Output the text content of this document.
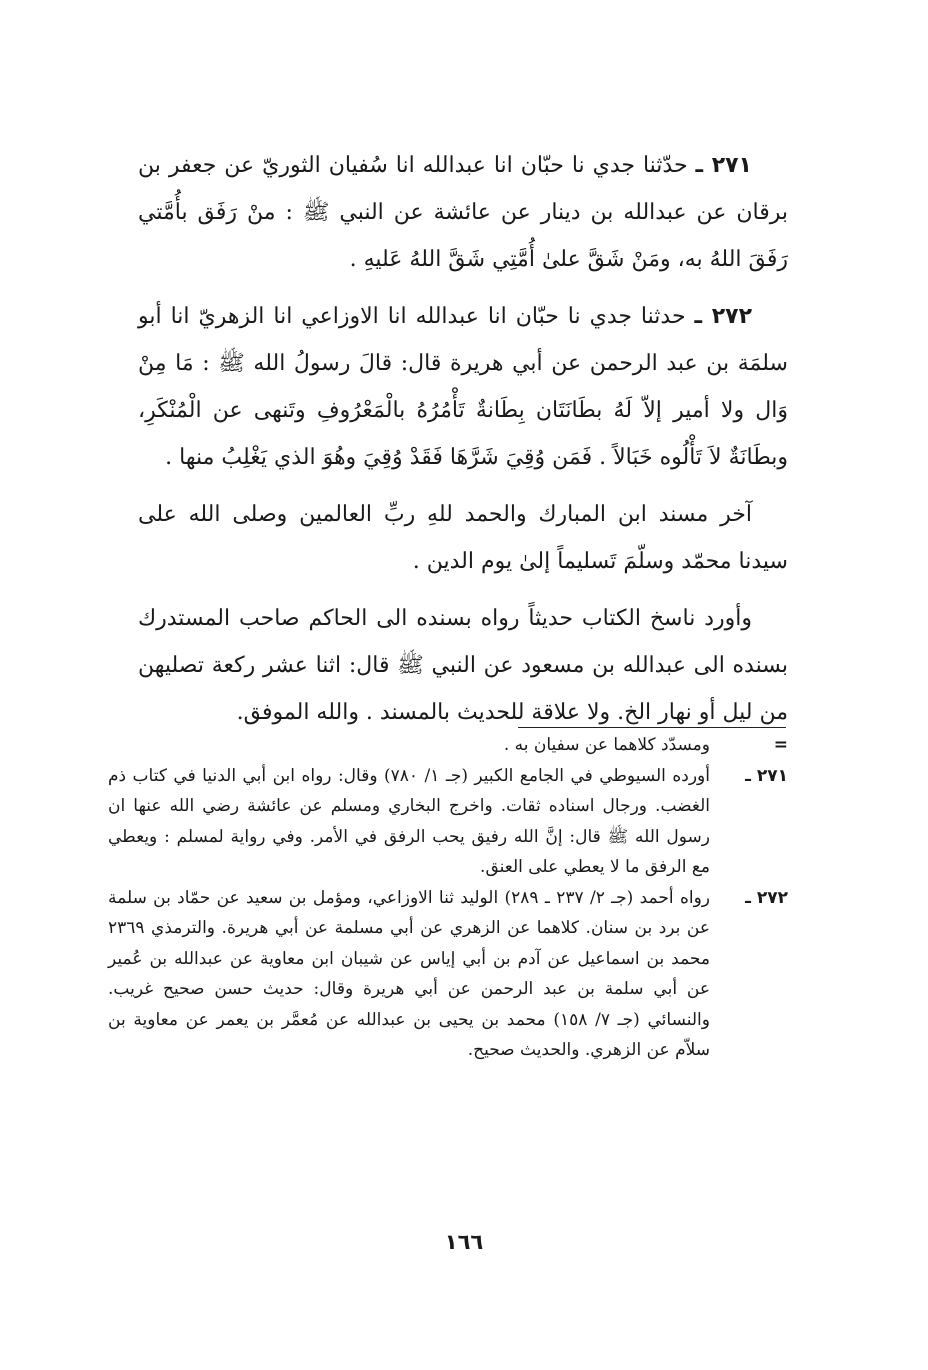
٢٧١ ـ حدّثنا جدي نا حبّان انا عبدالله انا سُفيان الثوريّ عن جعفر بن برقان عن عبدالله بن دينار عن عائشة عن النبي ﷺ : منْ رَفَق بأُمَّتي رَفَقَ اللهُ به، ومَنْ شَقَّ علىٰ أُمَّتِي شَقَّ اللهُ عَليهِ .

٢٧٢ ـ حدثنا جدي نا حبّان انا عبدالله انا الاوزاعي انا الزهريّ انا أبو سلمَة بن عبد الرحمن عن أبي هريرة قال: قالَ رسولُ الله ﷺ : مَا مِنْ وَال ولا أمير إلاّ لَهُ بطَانَتَان بِطَانةٌ تَأْمُرُهُ بالْمَعْرُوفِ وتَنهى عن الْمُنْكَرِ، وبطَانَةٌ لاَ تَأْلُوه خَبَالاً . فَمَن وُقِيَ شَرَّهَا فَقَدْ وُقِيَ وهُوَ الذي يَغْلِبُ منها .

آخر مسند ابن المبارك والحمد للهِ ربِّ العالمين وصلى الله على سيدنا محمّد وسلّمَ تَسليماً إلىٰ يوم الدين .

وأورد ناسخ الكتاب حديثاً رواه بسنده الى الحاكم صاحب المستدرك بسنده الى عبدالله بن مسعود عن النبي ﷺ قال: اثنا عشر ركعة تصليهن من ليل أو نهار الخ. ولا علاقة للحديث بالمسند . والله الموفق.

=
ومسدّد كلاهما عن سفيان به .

٢٧١ ـ
أورده السيوطي في الجامع الكبير (جـ ١/ ٧٨٠) وقال: رواه ابن أبي الدنيا في كتاب ذم الغضب. ورجال اسناده ثقات. واخرج البخاري ومسلم عن عائشة رضي الله عنها ان رسول الله ﷺ قال: إنَّ الله رفيق يحب الرفق في الأمر. وفي رواية لمسلم : ويعطي مع الرفق ما لا يعطي على العنق.

٢٧٢ ـ
رواه أحمد (جـ ٢/ ٢٣٧ ـ ٢٨٩) الوليد ثنا الاوزاعي، ومؤمل بن سعيد عن حمّاد بن سلمة عن برد بن سنان. كلاهما عن الزهري عن أبي مسلمة عن أبي هريرة. والترمذي ٢٣٦٩ محمد بن اسماعيل عن آدم بن أبي إياس عن شيبان ابن معاوية عن عبدالله بن عُمير عن أبي سلمة بن عبد الرحمن عن أبي هريرة وقال: حديث حسن صحيح غريب. والنسائي (جـ ٧/ ١٥٨) محمد بن يحيى بن عبدالله عن مُعمَّر بن يعمر عن معاوية بن سلاّم عن الزهري. والحديث صحيح.

١٦٦
